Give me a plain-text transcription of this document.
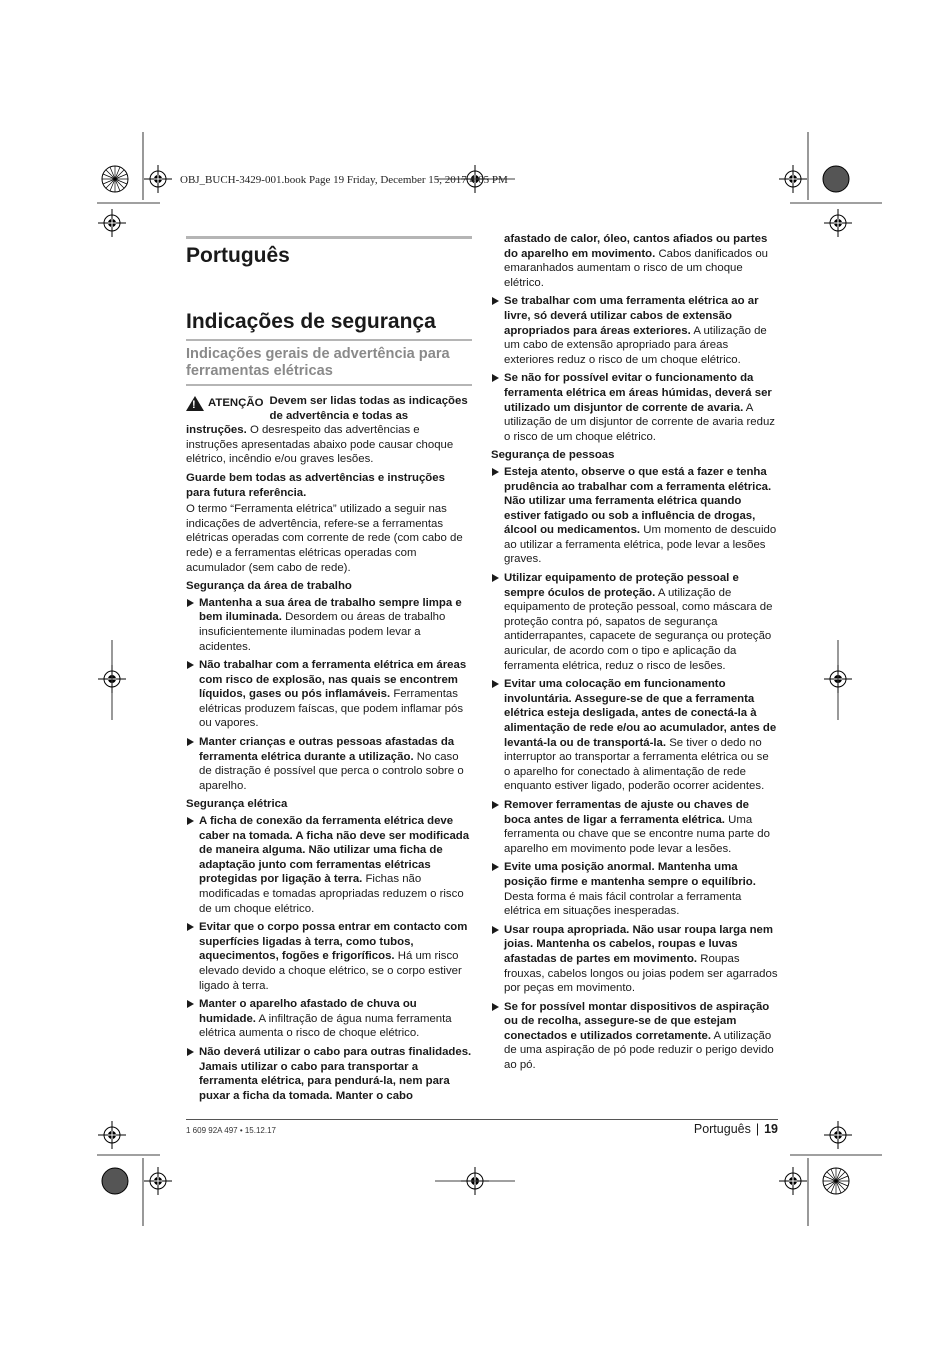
OBJ_BUCH-3429-001.book Page 19 Friday, December 15, 2017 4:05 PM
Português
Indicações de segurança
Indicações gerais de advertência para ferramentas elétricas
!
ATENÇÃO Devem ser lidas todas as indicações de advertência e todas as instruções. O desrespeito das advertências e instruções apresentadas abaixo pode causar choque elétrico, incêndio e/ou graves lesões.

Guarde bem todas as advertências e instruções para futura referência.

O termo “Ferramenta elétrica” utilizado a seguir nas indicações de advertência, refere-se a ferramentas elétricas operadas com corrente de rede (com cabo de rede) e a ferramentas elétricas operadas com acumulador (sem cabo de rede).

Segurança da área de trabalho

Mantenha a sua área de trabalho sempre limpa e bem iluminada. Desordem ou áreas de trabalho insuficientemente iluminadas podem levar a acidentes.
Não trabalhar com a ferramenta elétrica em áreas com risco de explosão, nas quais se encontrem líquidos, gases ou pós inflamáveis. Ferramentas elétricas produzem faíscas, que podem inflamar pós ou vapores.
Manter crianças e outras pessoas afastadas da ferramenta elétrica durante a utilização. No caso de distração é possível que perca o controlo sobre o aparelho.

Segurança elétrica

A ficha de conexão da ferramenta elétrica deve caber na tomada. A ficha não deve ser modificada de maneira alguma. Não utilizar uma ficha de adaptação junto com ferramentas elétricas protegidas por ligação à terra. Fichas não modificadas e tomadas apropriadas reduzem o risco de um choque elétrico.
Evitar que o corpo possa entrar em contacto com superfícies ligadas à terra, como tubos, aquecimentos, fogões e frigoríficos. Há um risco elevado devido a choque elétrico, se o corpo estiver ligado à terra.
Manter o aparelho afastado de chuva ou humidade. A infiltração de água numa ferramenta elétrica aumenta o risco de choque elétrico.
Não deverá utilizar o cabo para outras finalidades. Jamais utilizar o cabo para transportar a ferramenta elétrica, para pendurá-la, nem para puxar a ficha da tomada. Manter o cabo
afastado de calor, óleo, cantos afiados ou partes do aparelho em movimento. Cabos danificados ou emaranhados aumentam o risco de um choque elétrico.
Se trabalhar com uma ferramenta elétrica ao ar livre, só deverá utilizar cabos de extensão apropriados para áreas exteriores. A utilização de um cabo de extensão apropriado para áreas exteriores reduz o risco de um choque elétrico.
Se não for possível evitar o funcionamento da ferramenta elétrica em áreas húmidas, deverá ser utilizado um disjuntor de corrente de avaria. A utilização de um disjuntor de corrente de avaria reduz o risco de um choque elétrico.

Segurança de pessoas

Esteja atento, observe o que está a fazer e tenha prudência ao trabalhar com a ferramenta elétrica. Não utilizar uma ferramenta elétrica quando estiver fatigado ou sob a influência de drogas, álcool ou medicamentos. Um momento de descuido ao utilizar a ferramenta elétrica, pode levar a lesões graves.
Utilizar equipamento de proteção pessoal e sempre óculos de proteção. A utilização de equipamento de proteção pessoal, como máscara de proteção contra pó, sapatos de segurança antiderrapantes, capacete de segurança ou proteção auricular, de acordo com o tipo e aplicação da ferramenta elétrica, reduz o risco de lesões.
Evitar uma colocação em funcionamento involuntária. Assegure-se de que a ferramenta elétrica esteja desligada, antes de conectá-la à alimentação de rede e/ou ao acumulador, antes de levantá-la ou de transportá-la. Se tiver o dedo no interruptor ao transportar a ferramenta elétrica ou se o aparelho for conectado à alimentação de rede enquanto estiver ligado, poderão ocorrer acidentes.
Remover ferramentas de ajuste ou chaves de boca antes de ligar a ferramenta elétrica. Uma ferramenta ou chave que se encontre numa parte do aparelho em movimento pode levar a lesões.
Evite uma posição anormal. Mantenha uma posição firme e mantenha sempre o equilíbrio. Desta forma é mais fácil controlar a ferramenta elétrica em situações inesperadas.
Usar roupa apropriada. Não usar roupa larga nem joias. Mantenha os cabelos, roupas e luvas afastadas de partes em movimento. Roupas frouxas, cabelos longos ou joias podem ser agarrados por peças em movimento.
Se for possível montar dispositivos de aspiração ou de recolha, assegure-se de que estejam conectados e utilizados corretamente. A utilização de uma aspiração de pó pode reduzir o perigo devido ao pó.
1 609 92A 497 • 15.12.17	Português | 19
